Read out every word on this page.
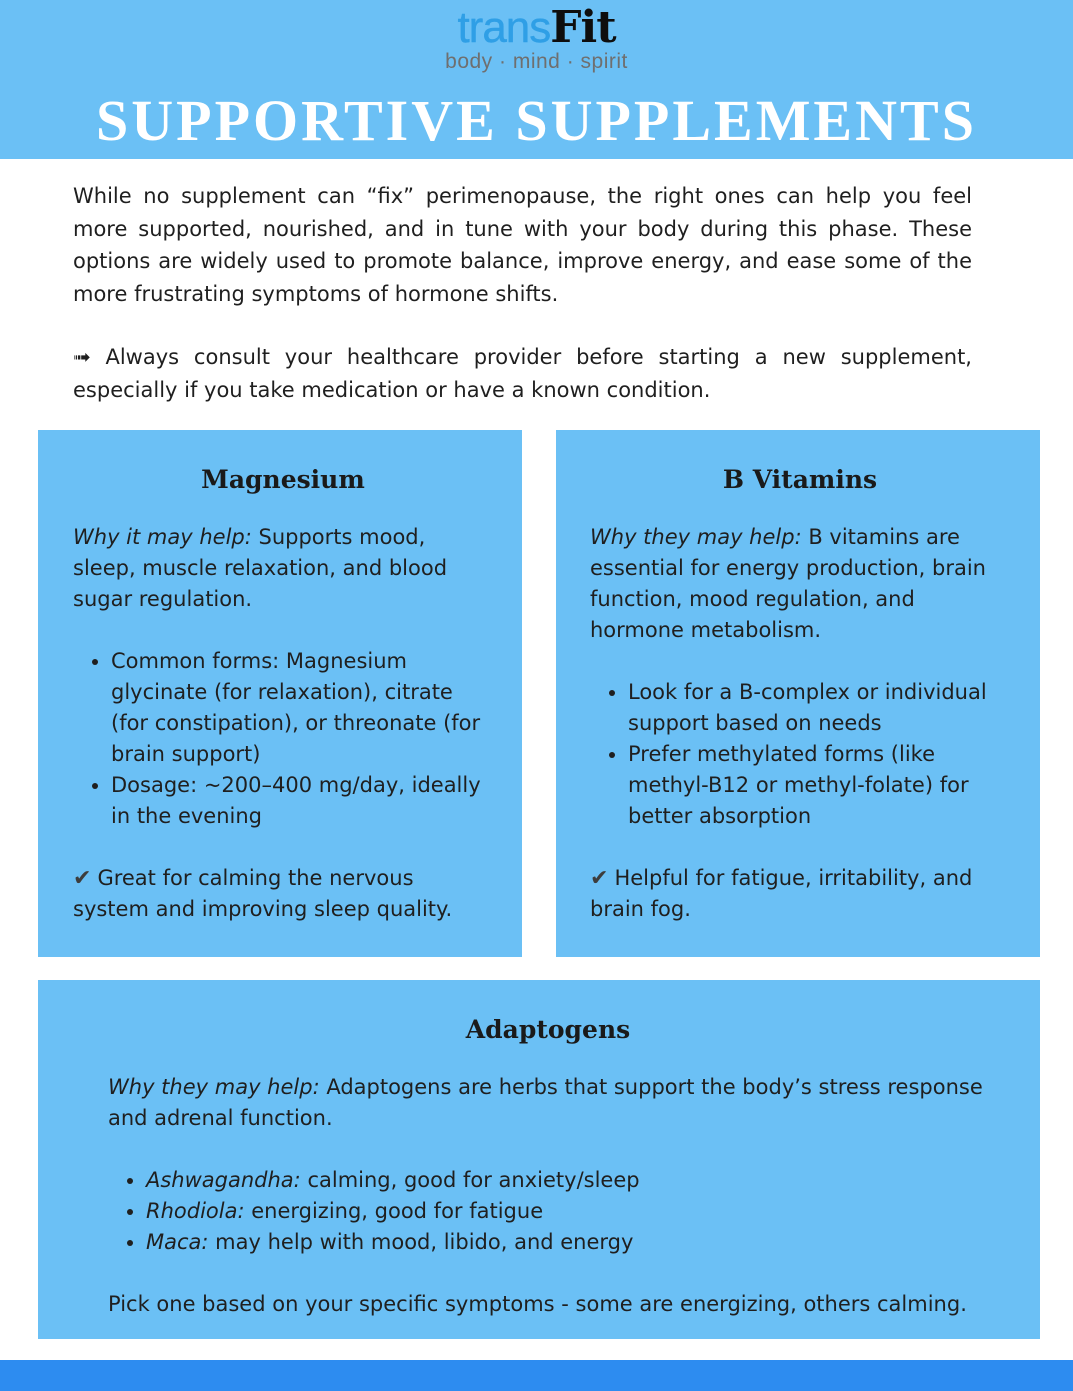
transFit
body · mind · spirit
SUPPORTIVE SUPPLEMENTS

While no supplement can “fix” perimenopause, the right ones can help you feel more supported, nourished, and in tune with your body during this phase. These options are widely used to promote balance, improve energy, and ease some of the more frustrating symptoms of hormone shifts.

➟ Always consult your healthcare provider before starting a new supplement, especially if you take medication or have a known condition.

Magnesium

Why it may help: Supports mood, sleep, muscle relaxation, and blood sugar regulation.

• Common forms: Magnesium glycinate (for relaxation), citrate (for constipation), or threonate (for brain support)
• Dosage: ~200–400 mg/day, ideally in the evening

✔ Great for calming the nervous system and improving sleep quality.

B Vitamins

Why they may help: B vitamins are essential for energy production, brain function, mood regulation, and hormone metabolism.

• Look for a B-complex or individual support based on needs
• Prefer methylated forms (like methyl-B12 or methyl-folate) for better absorption

✔ Helpful for fatigue, irritability, and brain fog.

Adaptogens

Why they may help: Adaptogens are herbs that support the body’s stress response and adrenal function.

• Ashwagandha: calming, good for anxiety/sleep
• Rhodiola: energizing, good for fatigue
• Maca: may help with mood, libido, and energy

Pick one based on your specific symptoms - some are energizing, others calming.
